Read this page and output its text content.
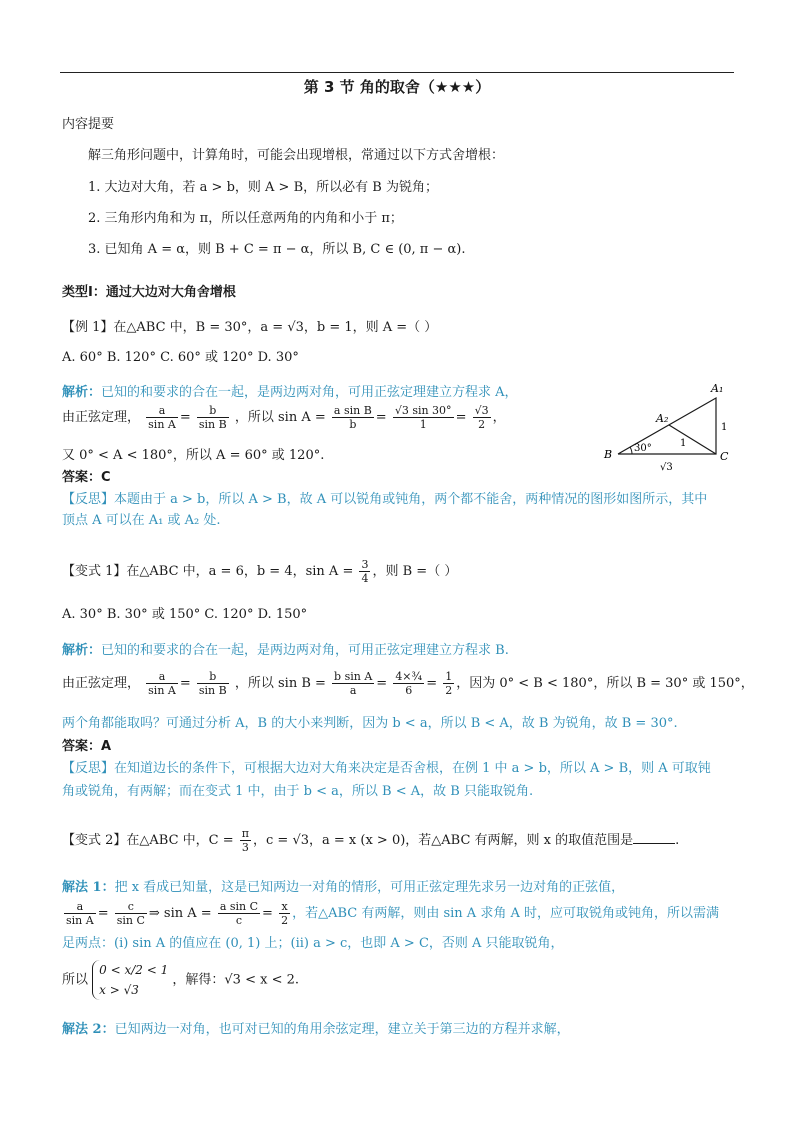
第 3 节 角的取舍（★★★）
内容提要
解三角形问题中，计算角时，可能会出现增根，常通过以下方式舍增根：
1. 大边对大角，若 a > b，则 A > B，所以必有 B 为锐角；
2. 三角形内角和为 π，所以任意两角的内角和小于 π；
3. 已知角 A = α，则 B + C = π − α，所以 B, C ∈ (0, π − α).
类型Ⅰ：通过大边对大角舍增根
【例 1】在△ABC 中，B = 30°，a = √3，b = 1，则 A =（ ）
A. 60° B. 120° C. 60° 或 120° D. 30°
解析：已知的和要求的合在一起，是两边两对角，可用正弦定理建立方程求 A，
由正弦定理， $\frac{a}{\text{sin A}} = \frac{b}{\text{sin B}}$ ，所以 $\sin A = \frac{\text{a sin B}}{b} = \frac{√3 \sin 30^\circ}{1} = \frac{√3}{2}$ ，
又 0° < A < 180°，所以 A = 60° 或 120°.
答案：C
【反思】本题由于 a > b，所以 A > B，故 A 可以锐角或钝角，两个都不能舍，两种情况的图形如图所示，其中
顶点 A 可以在 A₁ 或 A₂ 处.
A₁
A₂
B	C
30°	1
1
√3
【变式 1】在△ABC 中，a = 6，b = 4，$\sin A = \frac{3}{4}$ ，则 B =（ ）
A. 30° B. 30° 或 150° C. 120° D. 150°
解析：已知的和要求的合在一起，是两边两对角，可用正弦定理建立方程求 B.
由正弦定理， $\frac{a}{\text{sin A}} = \frac{b}{\text{sin B}}$ ，所以 $\sin B = \frac{\text{b sin A}}{a} = \frac{\text{4×¾}}{6} = \frac{1}{2}$ ，因为 0° < B < 180°，所以 B = 30° 或 150°，
两个角都能取吗？可通过分析 A，B 的大小来判断，因为 b < a，所以 B < A，故 B 为锐角，故 B = 30°.
答案：A
【反思】在知道边长的条件下，可根据大边对大角来决定是否舍根，在例 1 中 a > b，所以 A > B，则 A 可取钝
角或锐角，有两解；而在变式 1 中，由于 b < a，所以 B < A，故 B 只能取锐角.
【变式 2】在△ABC 中，$C = \frac{\pi}{3}$ ，c = √3，a = x (x > 0)，若△ABC 有两解，则 x 的取值范围是	.
解法 1：把 x 看成已知量，这是已知两边一对角的情形，可用正弦定理先求另一边对角的正弦值，
$\frac{a}{\text{sin A}} = \frac{c}{\text{sin C}}$ ⇒ $\sin A = \frac{\text{a sin C}}{c} = \frac{x}{2}$ ，若△ABC 有两解，则由 sin A 求角 A 时，应可取锐角或钝角，所以需满
足两点：(i) sin A 的值应在 (0, 1) 上；(ii) a > c，也即 A > C，否则 A 只能取锐角，
所以
0 < x/2 < 1
x > √3
，解得：√3 < x < 2.
解法 2：已知两边一对角，也可对已知的角用余弦定理，建立关于第三边的方程并求解，
